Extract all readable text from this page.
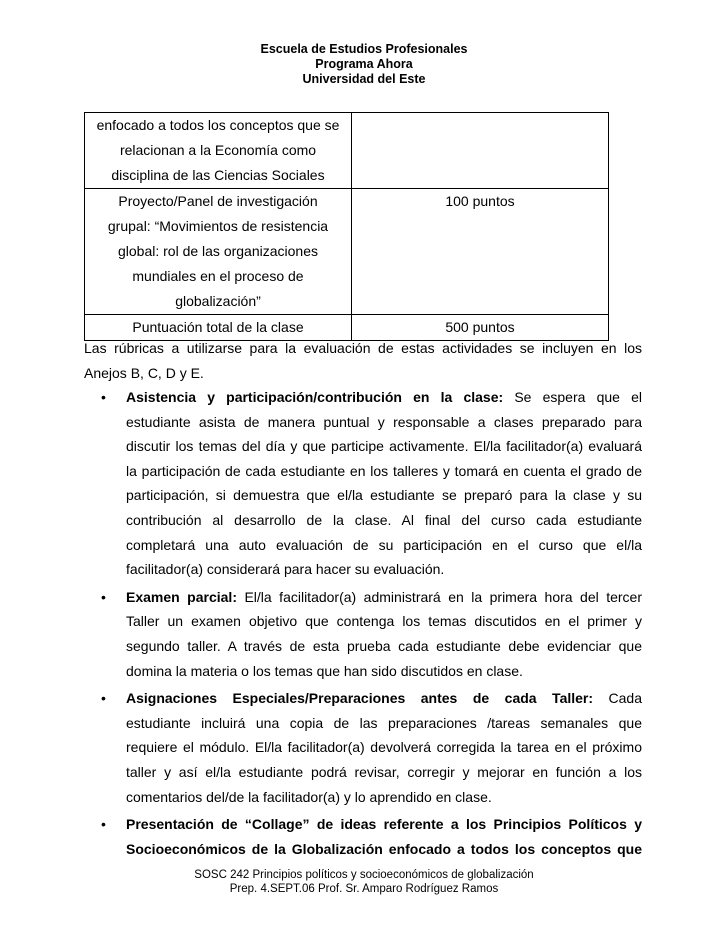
Escuela de Estudios Profesionales
Programa Ahora
Universidad del Este
enfocado a todos los conceptos que se
relacionan a la Economía como
disciplina de las Ciencias Sociales	

Proyecto/Panel de investigación
grupal: “Movimientos de resistencia
global: rol de las organizaciones
mundiales en el proceso de
globalización”	100 puntos

Puntuación total de la clase	500 puntos
Las rúbricas a utilizarse para la evaluación de estas actividades se incluyen en los
Anejos B, C, D y E.
• Asistencia y participación/contribución en la clase: Se espera que el
estudiante asista de manera puntual y responsable a clases preparado para
discutir los temas del día y que participe activamente. El/la facilitador(a) evaluará
la participación de cada estudiante en los talleres y tomará en cuenta el grado de
participación, si demuestra que el/la estudiante se preparó para la clase y su
contribución al desarrollo de la clase. Al final del curso cada estudiante
completará una auto evaluación de su participación en el curso que el/la
facilitador(a) considerará para hacer su evaluación.
• Examen parcial: El/la facilitador(a) administrará en la primera hora del tercer
Taller un examen objetivo que contenga los temas discutidos en el primer y
segundo taller. A través de esta prueba cada estudiante debe evidenciar que
domina la materia o los temas que han sido discutidos en clase.
• Asignaciones Especiales/Preparaciones antes de cada Taller: Cada
estudiante incluirá una copia de las preparaciones /tareas semanales que
requiere el módulo. El/la facilitador(a) devolverá corregida la tarea en el próximo
taller y así el/la estudiante podrá revisar, corregir y mejorar en función a los
comentarios del/de la facilitador(a) y lo aprendido en clase.
• Presentación de “Collage” de ideas referente a los Principios Políticos y
Socioeconómicos de la Globalización enfocado a todos los conceptos que
SOSC 242 Principios políticos y socioeconómicos de globalización
Prep. 4.SEPT.06 Prof. Sr. Amparo Rodríguez Ramos
